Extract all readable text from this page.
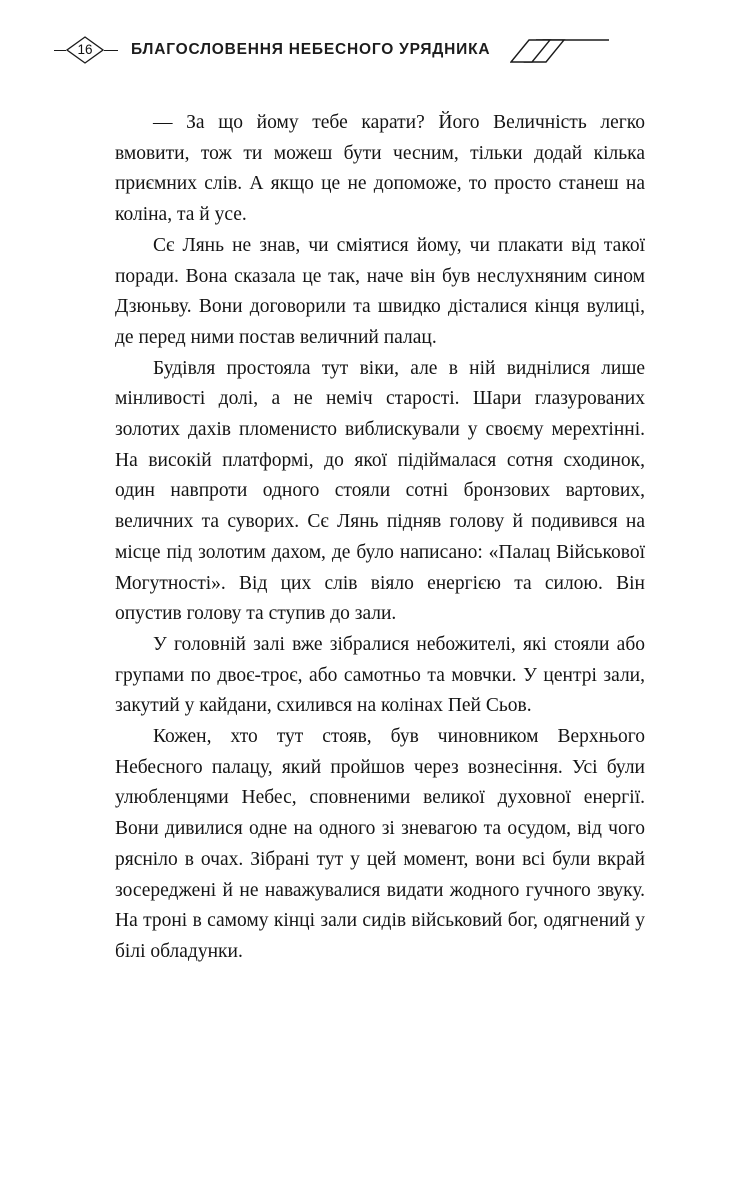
16 БЛАГОСЛОВЕННЯ НЕБЕСНОГО УРЯДНИКА

— За що йому тебе карати? Його Величність легко вмовити, тож ти можеш бути чесним, тільки додай кілька приємних слів. А якщо це не допоможе, то просто станеш на коліна, та й усе.

Сє Лянь не знав, чи сміятися йому, чи плакати від такої поради. Вона сказала це так, наче він був неслухняним сином Дзюньву. Вони договорили та швидко дісталися кінця вулиці, де перед ними постав величний палац.

Будівля простояла тут віки, але в ній виднілися лише мінливості долі, а не неміч старості. Шари глазурованих золотих дахів пломенисто виблискували у своєму мерехтінні. На високій платформі, до якої підіймалася сотня сходинок, один навпроти одного стояли сотні бронзових вартових, величних та суворих. Сє Лянь підняв голову й подивився на місце під золотим дахом, де було написано: «Палац Військової Могутності». Від цих слів віяло енергією та силою. Він опустив голову та ступив до зали.

У головній залі вже зібралися небожителі, які стояли або групами по двоє-троє, або самотньо та мовчки. У центрі зали, закутий у кайдани, схилився на колінах Пей Сьов.

Кожен, хто тут стояв, був чиновником Верхнього Небесного палацу, який пройшов через вознесіння. Усі були улюбленцями Небес, сповненими великої духовної енергії. Вони дивилися одне на одного зі зневагою та осудом, від чого рясніло в очах. Зібрані тут у цей момент, вони всі були вкрай зосереджені й не наважувалися видати жодного гучного звуку. На троні в самому кінці зали сидів військовий бог, одягнений у білі обладунки.
